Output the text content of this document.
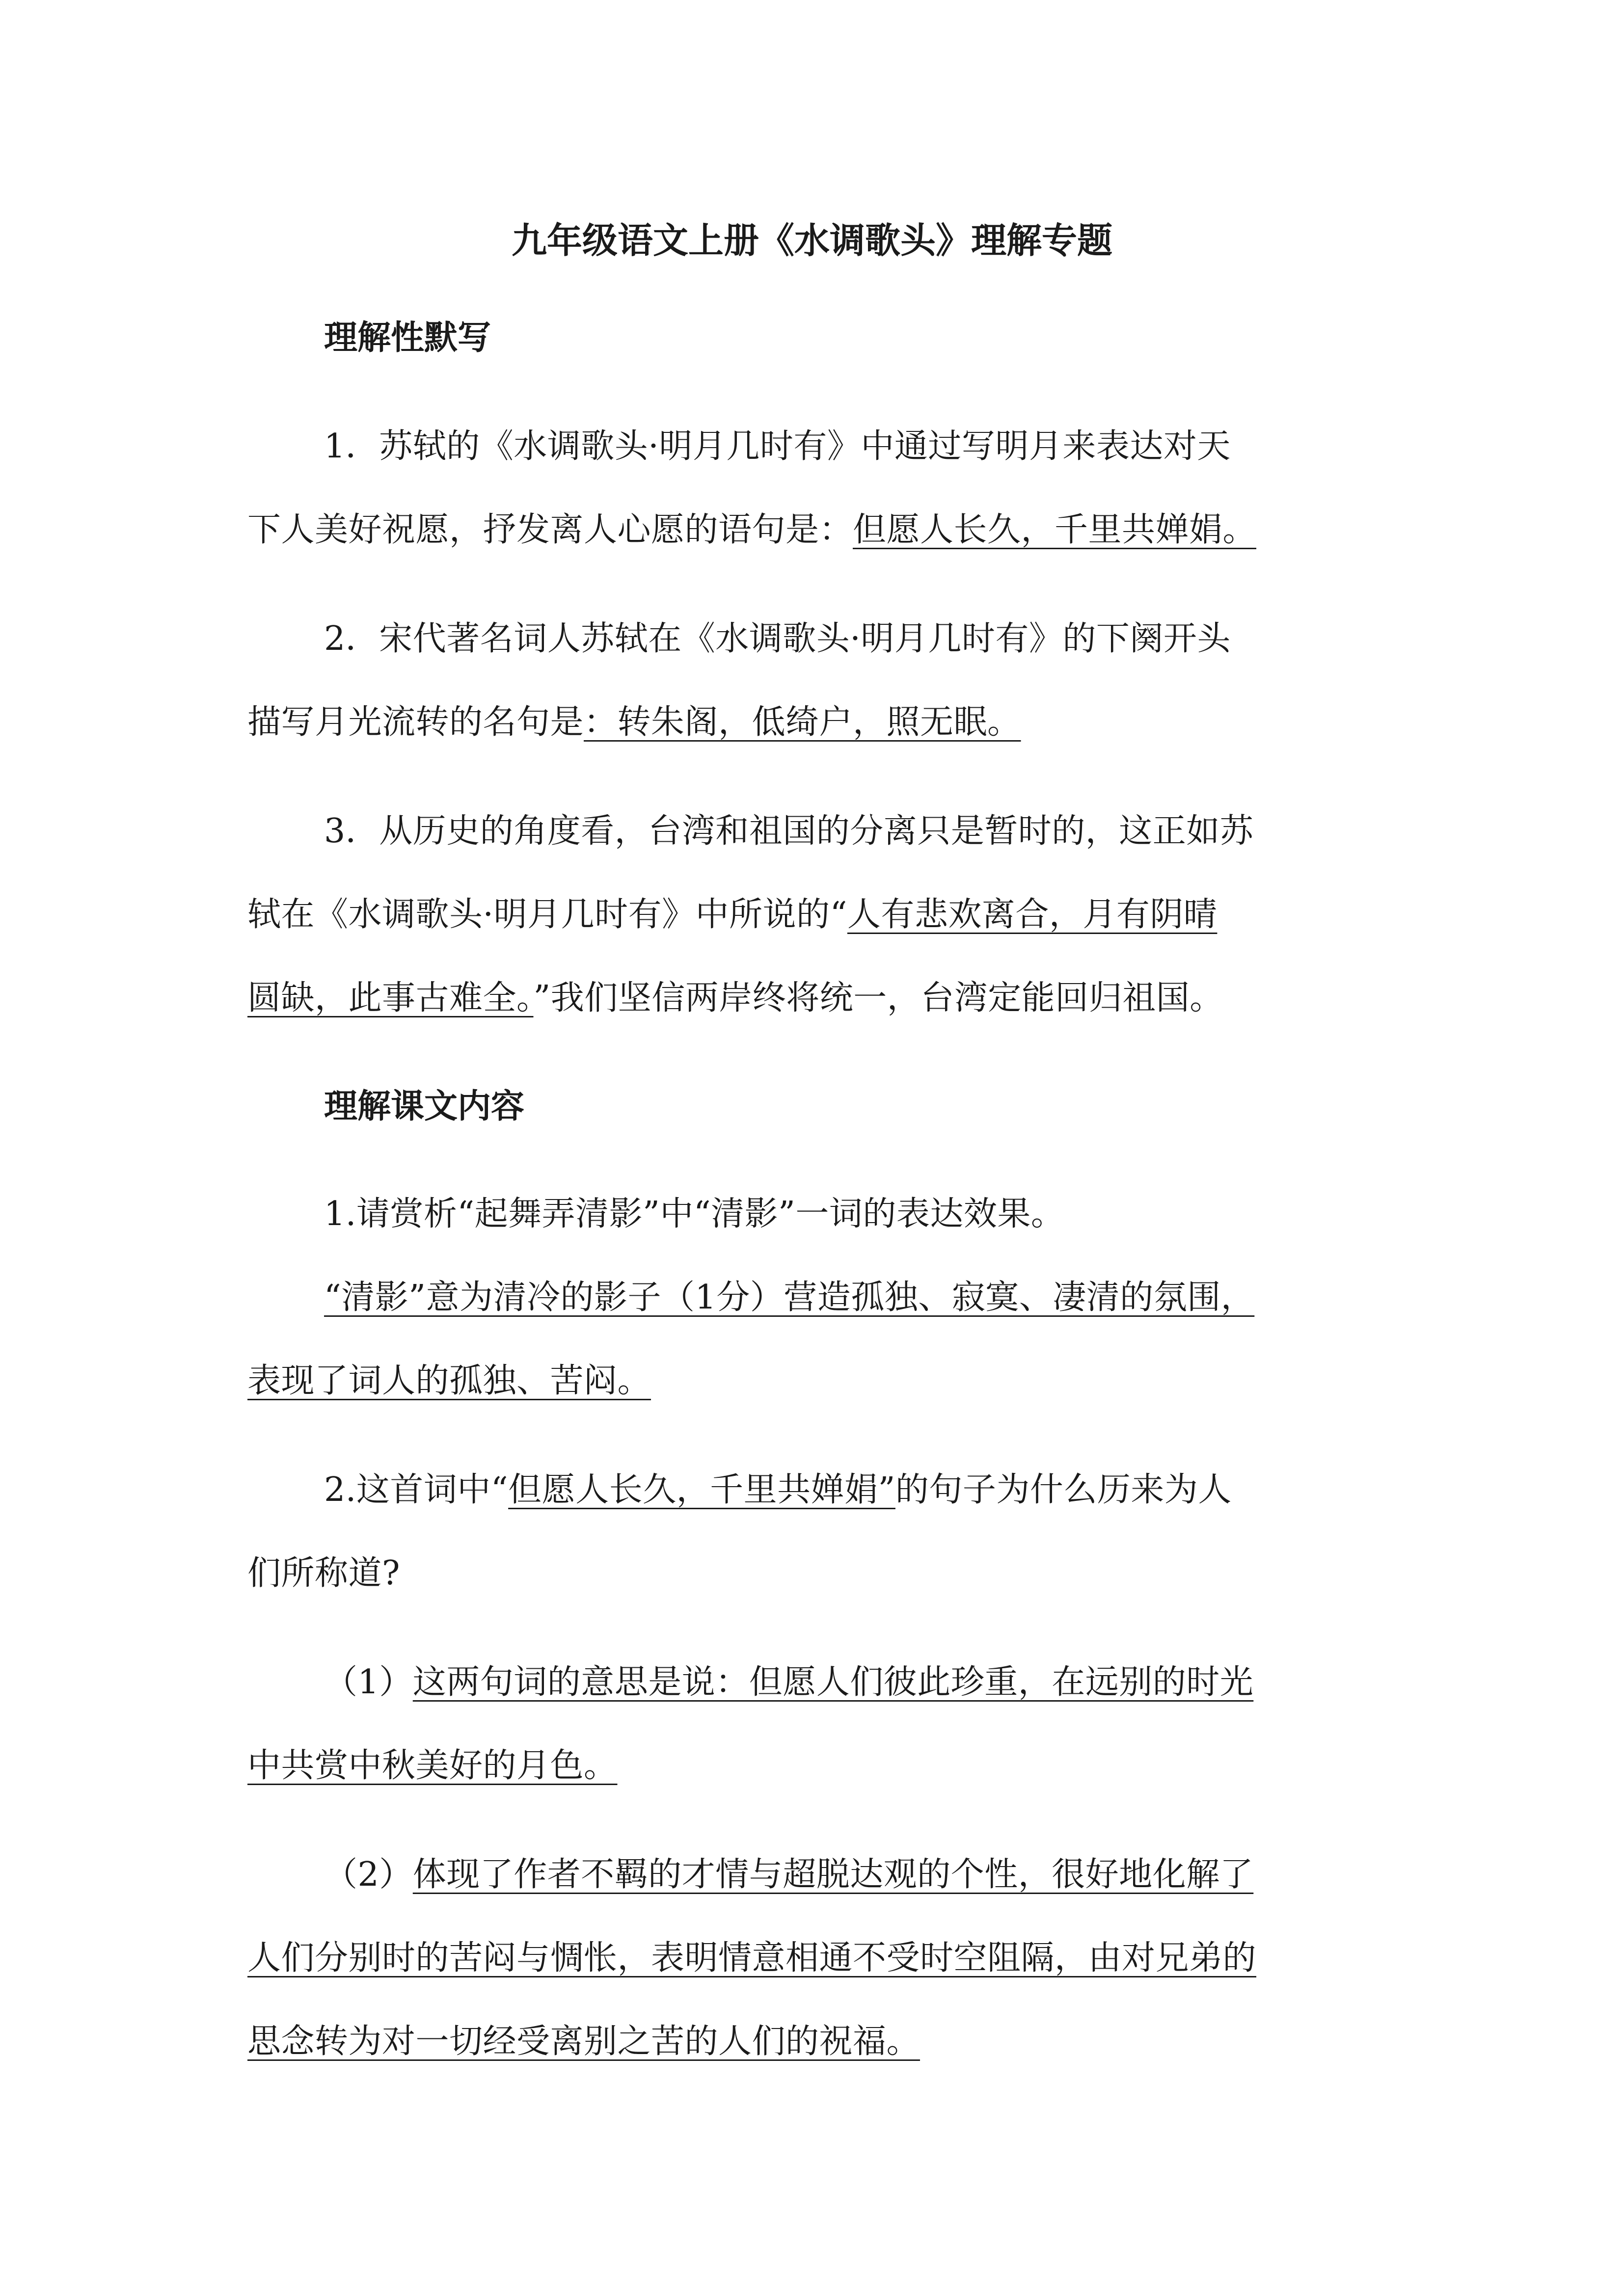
九年级语文上册《水调歌头》理解专题
理解性默写
1．苏轼的《水调歌头·明月几时有》中通过写明月来表达对天
下人美好祝愿，抒发离人心愿的语句是：但愿人长久，千里共婵娟。
2．宋代著名词人苏轼在《水调歌头·明月几时有》的下阕开头
描写月光流转的名句是：转朱阁，低绮户，照无眠。
3．从历史的角度看，台湾和祖国的分离只是暂时的，这正如苏
轼在《水调歌头·明月几时有》中所说的“人有悲欢离合，月有阴晴
圆缺，此事古难全。”我们坚信两岸终将统一，台湾定能回归祖国。
理解课文内容
1.请赏析“起舞弄清影”中“清影”一词的表达效果。
“清影”意为清冷的影子（1分）营造孤独、寂寞、凄清的氛围，
表现了词人的孤独、苦闷。
2.这首词中“但愿人长久，千里共婵娟”的句子为什么历来为人
们所称道?
（1）这两句词的意思是说：但愿人们彼此珍重，在远别的时光
中共赏中秋美好的月色。
（2）体现了作者不羁的才情与超脱达观的个性，很好地化解了
人们分别时的苦闷与惆怅，表明情意相通不受时空阻隔，由对兄弟的
思念转为对一切经受离别之苦的人们的祝福。
